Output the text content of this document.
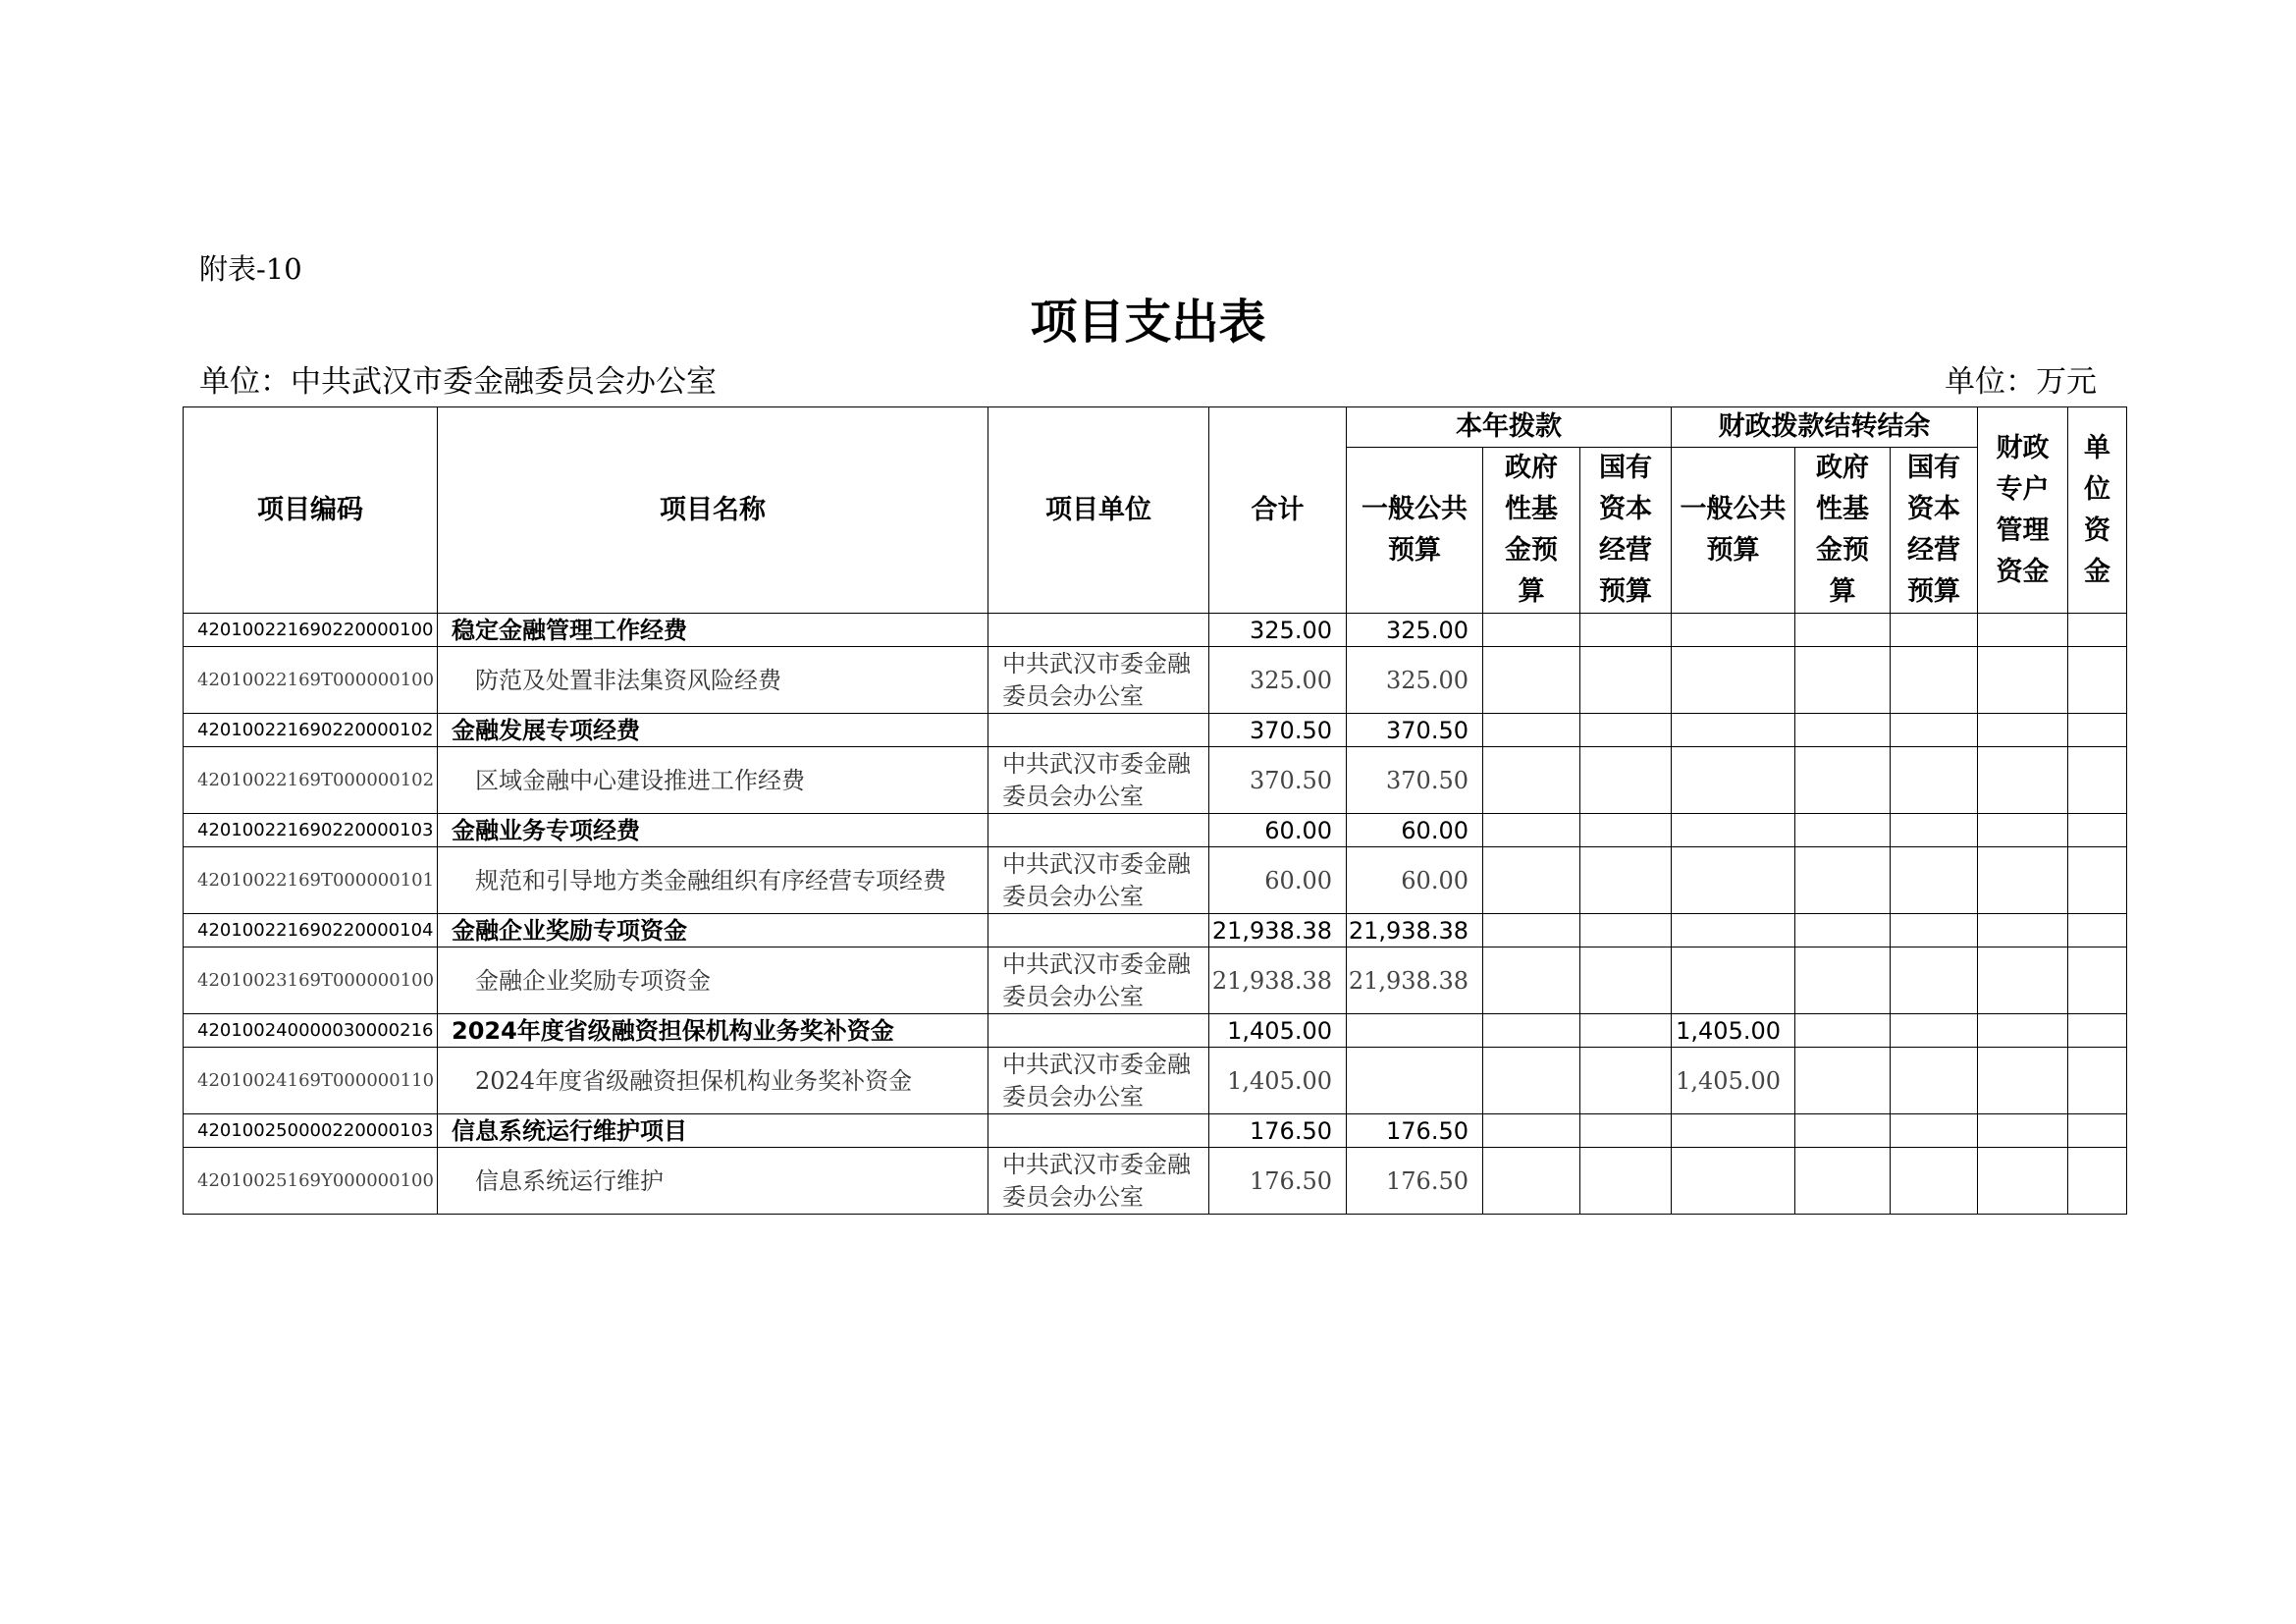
附表-10
项目支出表
单位：中共武汉市委金融委员会办公室	单位：万元
项目编码	项目名称	项目单位	合计	本年拨款			财政拨款结转结余			财政专户管理资金	单位资金

				一般公共预算	政府性基金预算	国有资本经营预算	一般公共预算	政府性基金预算	国有资本经营预算		

420100221690220000100	稳定金融管理工作经费		325.00	325.00							
42010022169T000000100	防范及处置非法集资风险经费	中共武汉市委金融委员会办公室	325.00	325.00							
420100221690220000102	金融发展专项经费		370.50	370.50							
42010022169T000000102	区域金融中心建设推进工作经费	中共武汉市委金融委员会办公室	370.50	370.50							
420100221690220000103	金融业务专项经费		60.00	60.00							
42010022169T000000101	规范和引导地方类金融组织有序经营专项经费	中共武汉市委金融委员会办公室	60.00	60.00							
420100221690220000104	金融企业奖励专项资金		21,938.38	21,938.38							
42010023169T000000100	金融企业奖励专项资金	中共武汉市委金融委员会办公室	21,938.38	21,938.38							
420100240000030000216	2024年度省级融资担保机构业务奖补资金		1,405.00				1,405.00				
42010024169T000000110	2024年度省级融资担保机构业务奖补资金	中共武汉市委金融委员会办公室	1,405.00				1,405.00				
420100250000220000103	信息系统运行维护项目		176.50	176.50							
42010025169Y000000100	信息系统运行维护	中共武汉市委金融委员会办公室	176.50	176.50							
